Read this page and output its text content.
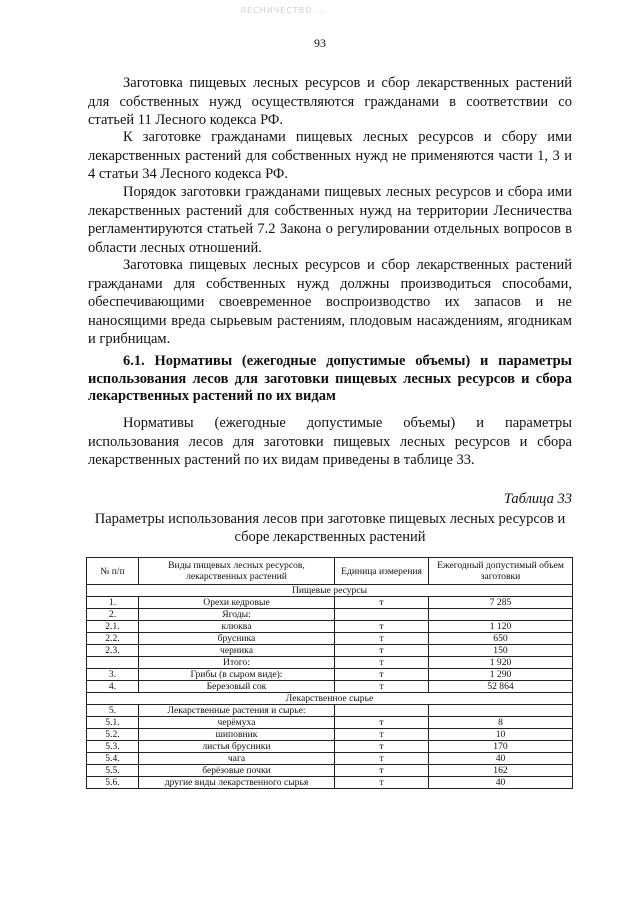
ЛЕСНИЧЕСТВО ...
93

Заготовка пищевых лесных ресурсов и сбор лекарственных растений для собственных нужд осуществляются гражданами в соответствии со статьей 11 Лесного кодекса РФ.

К заготовке гражданами пищевых лесных ресурсов и сбору ими лекарственных растений для собственных нужд не применяются части 1, 3 и 4 статьи 34 Лесного кодекса РФ.

Порядок заготовки гражданами пищевых лесных ресурсов и сбора ими лекарственных растений для собственных нужд на территории Лесничества регламентируются статьей 7.2 Закона о регулировании отдельных вопросов в области лесных отношений.

Заготовка пищевых лесных ресурсов и сбор лекарственных растений гражданами для собственных нужд должны производиться способами, обеспечивающими своевременное воспроизводство их запасов и не наносящими вреда сырьевым растениям, плодовым насаждениям, ягодникам и грибницам.

6.1. Нормативы (ежегодные допустимые объемы) и параметры использования лесов для заготовки пищевых лесных ресурсов и сбора лекарственных растений по их видам

Нормативы (ежегодные допустимые объемы) и параметры использования лесов для заготовки пищевых лесных ресурсов и сбора лекарственных растений по их видам приведены в таблице 33.

Таблица 33
Параметры использования лесов при заготовке пищевых лесных ресурсов и сборе лекарственных растений
№ п/п	Виды пищевых лесных ресурсов, лекарственных растений	Единица измерения	Ежегодный допустимый объем заготовки
Пищевые ресурсы			
1.	Орехи кедровые	т	7 285
2.	Ягоды:		
2.1.	клюква	т	1 120
2.2.	брусника	т	650
2.3.	черника	т	150
	Итого:	т	1 920
3.	Грибы (в сыром виде):	т	1 290
4.	Березовый сок	т	52 864
Лекарственное сырье			
5.	Лекарственные растения и сырье:		
5.1.	черёмуха	т	8
5.2.	шиповник	т	10
5.3.	листья брусники	т	170
5.4.	чага	т	40
5.5.	берёзовые почки	т	162
5.6.	другие виды лекарственного сырья	т	40
